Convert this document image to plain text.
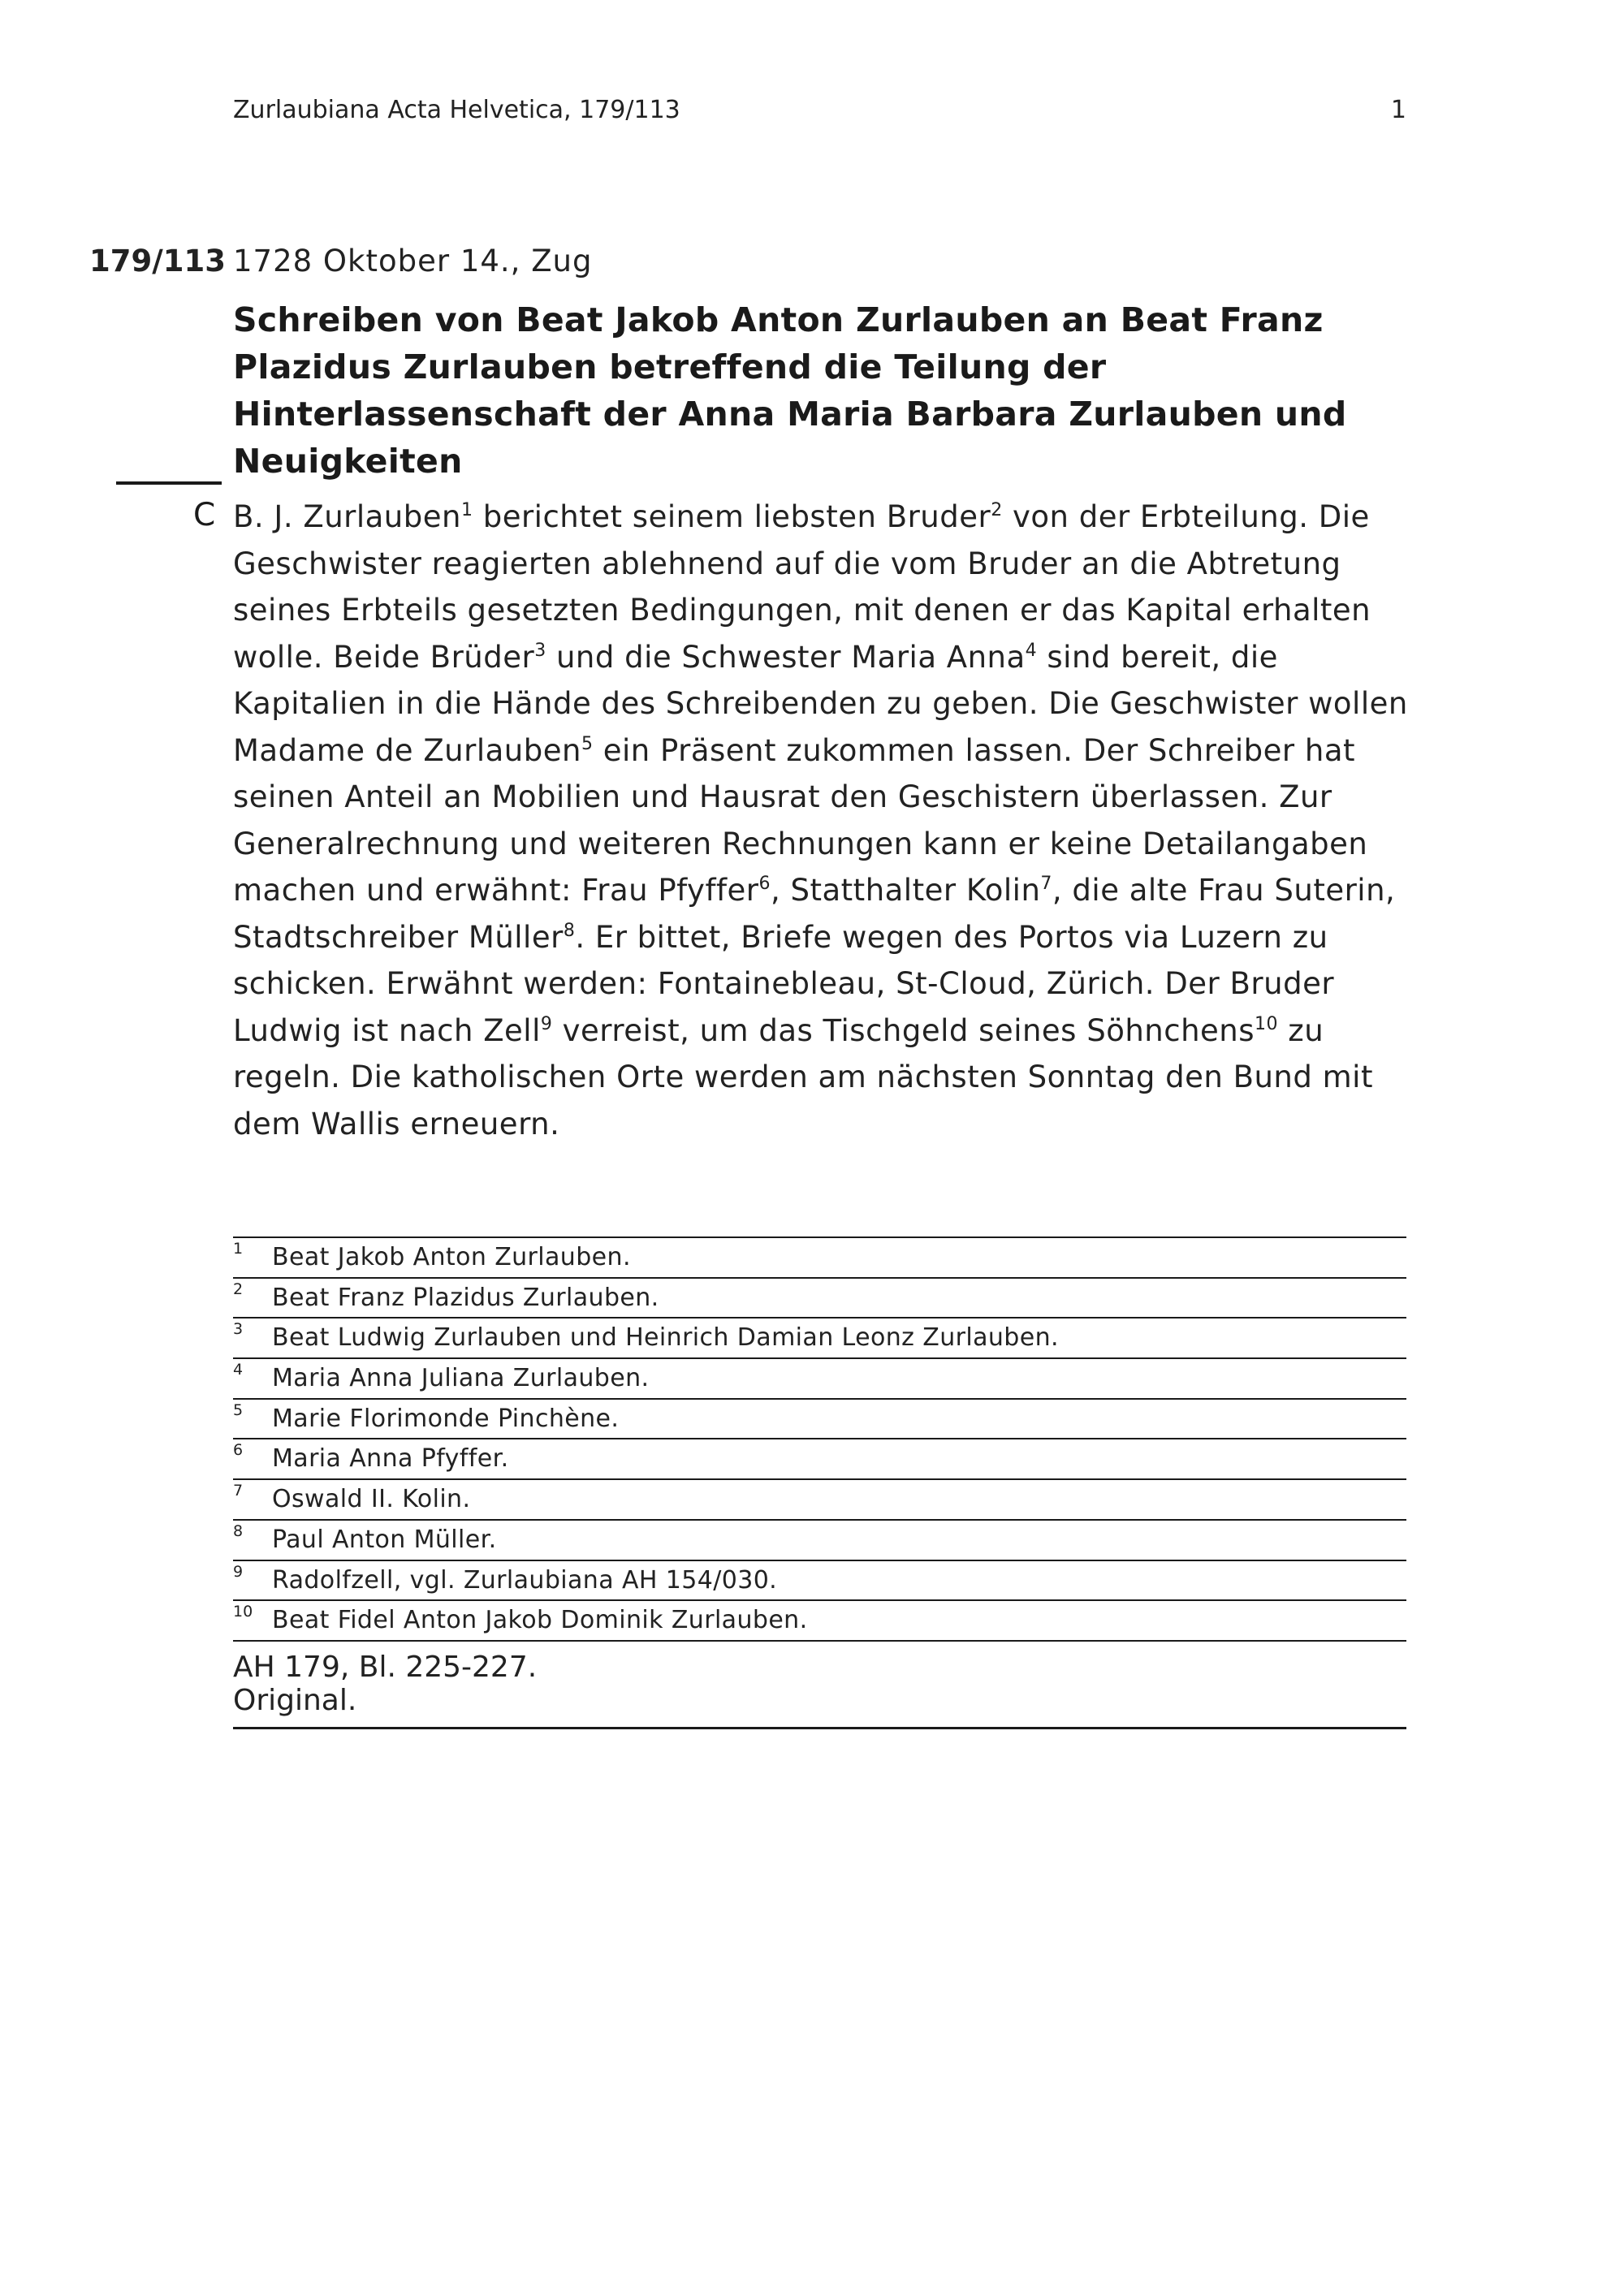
Zurlaubiana Acta Helvetica, 179/113	1
179/113 1728 Oktober 14., Zug
Schreiben von Beat Jakob Anton Zurlauben an Beat Franz Plazidus Zurlauben betreffend die Teilung der Hinterlassenschaft der Anna Maria Barbara Zurlauben und Neuigkeiten
C B. J. Zurlauben$^1$ berichtet seinem liebsten Bruder$^2$ von der Erbteilung. Die Geschwister reagierten ablehnend auf die vom Bruder an die Abtretung seines Erbteils gesetzten Bedingungen, mit denen er das Kapital erhalten wolle. Beide Brüder$^3$ und die Schwester Maria Anna$^4$ sind bereit, die Kapitalien in die Hände des Schreibenden zu geben. Die Geschwister wollen Madame de Zurlauben$^5$ ein Präsent zukommen lassen. Der Schreiber hat seinen Anteil an Mobilien und Hausrat den Geschistern überlassen. Zur Generalrechnung und weiteren Rechnungen kann er keine Detailangaben machen und erwähnt: Frau Pfyffer$^6$, Statthalter Kolin$^7$, die alte Frau Suterin, Stadtschreiber Müller$^8$. Er bittet, Briefe wegen des Portos via Luzern zu schicken. Erwähnt werden: Fontainebleau, St-Cloud, Zürich. Der Bruder Ludwig ist nach Zell$^9$ verreist, um das Tischgeld seines Söhnchens$^{10}$ zu regeln. Die katholischen Orte werden am nächsten Sonntag den Bund mit dem Wallis erneuern.
1 Beat Jakob Anton Zurlauben.
2 Beat Franz Plazidus Zurlauben.
3 Beat Ludwig Zurlauben und Heinrich Damian Leonz Zurlauben.
4 Maria Anna Juliana Zurlauben.
5 Marie Florimonde Pinchène.
6 Maria Anna Pfyffer.
7 Oswald II. Kolin.
8 Paul Anton Müller.
9 Radolfzell, vgl. Zurlaubiana AH 154/030.
10 Beat Fidel Anton Jakob Dominik Zurlauben.
AH 179, Bl. 225-227.
Original.
